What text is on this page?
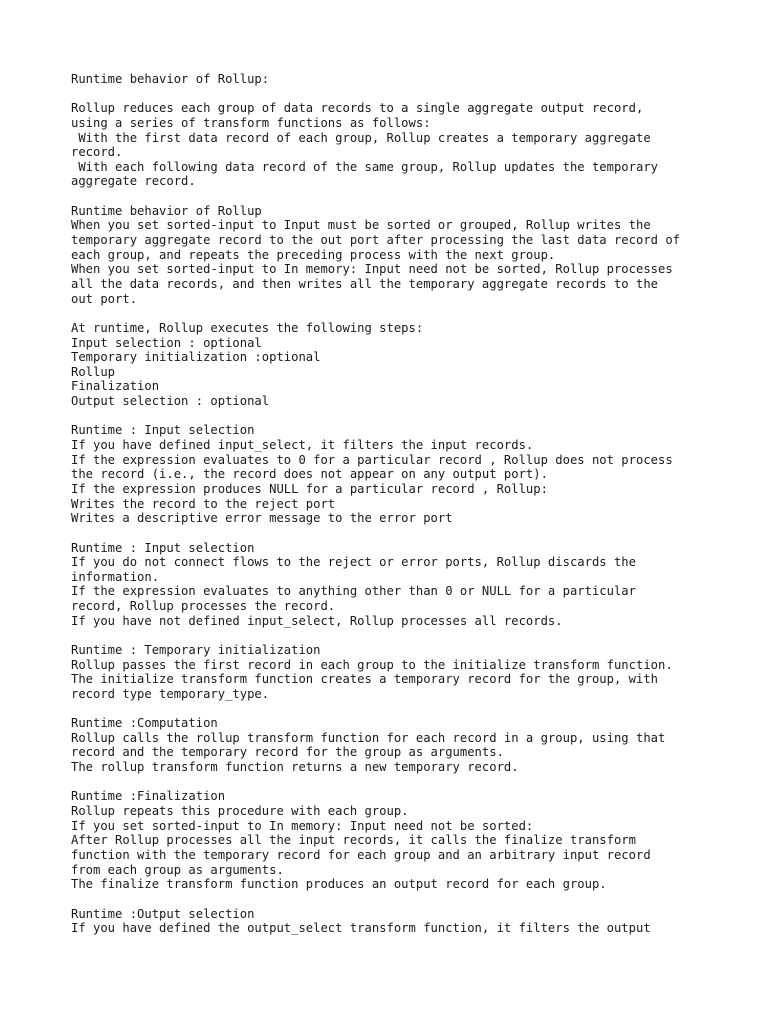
Runtime behavior of Rollup:
Rollup reduces each group of data records to a single aggregate output record,
using a series of transform functions as follows:
With the first data record of each group, Rollup creates a temporary aggregate
record.
With each following data record of the same group, Rollup updates the temporary
aggregate record.
Runtime behavior of Rollup
When you set sorted-input to Input must be sorted or grouped, Rollup writes the
temporary aggregate record to the out port after processing the last data record of
each group, and repeats the preceding process with the next group.
When you set sorted-input to In memory: Input need not be sorted, Rollup processes
all the data records, and then writes all the temporary aggregate records to the
out port.
At runtime, Rollup executes the following steps:
Input selection : optional
Temporary initialization :optional
Rollup
Finalization
Output selection : optional
Runtime : Input selection
If you have defined input_select, it filters the input records.
If the expression evaluates to 0 for a particular record , Rollup does not process
the record (i.e., the record does not appear on any output port).
If the expression produces NULL for a particular record , Rollup:
Writes the record to the reject port
Writes a descriptive error message to the error port
Runtime : Input selection
If you do not connect flows to the reject or error ports, Rollup discards the
information.
If the expression evaluates to anything other than 0 or NULL for a particular
record, Rollup processes the record.
If you have not defined input_select, Rollup processes all records.
Runtime : Temporary initialization
Rollup passes the first record in each group to the initialize transform function.
The initialize transform function creates a temporary record for the group, with
record type temporary_type.
Runtime :Computation
Rollup calls the rollup transform function for each record in a group, using that
record and the temporary record for the group as arguments.
The rollup transform function returns a new temporary record.
Runtime :Finalization
Rollup repeats this procedure with each group.
If you set sorted-input to In memory: Input need not be sorted:
After Rollup processes all the input records, it calls the finalize transform
function with the temporary record for each group and an arbitrary input record
from each group as arguments.
The finalize transform function produces an output record for each group.
Runtime :Output selection
If you have defined the output_select transform function, it filters the output
